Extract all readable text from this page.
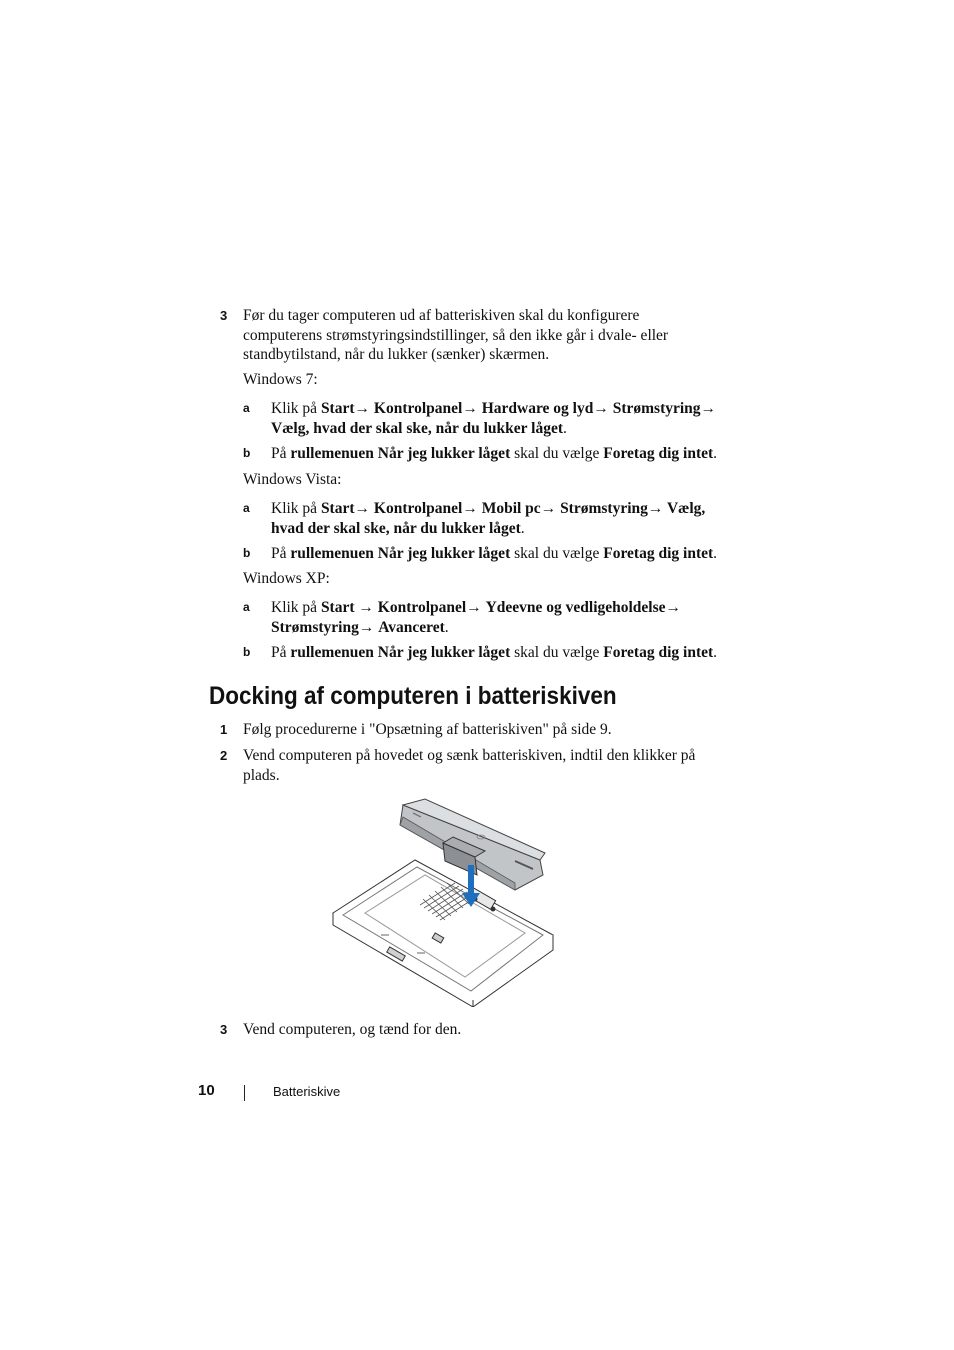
3 Før du tager computeren ud af batteriskiven skal du konfigurere
computerens strømstyringsindstillinger, så den ikke går i dvale- eller
standbytilstand, når du lukker (sænker) skærmen.
Windows 7:
a Klik på Start→ Kontrolpanel→ Hardware og lyd→ Strømstyring→
Vælg, hvad der skal ske, når du lukker låget.
b På rullemenuen Når jeg lukker låget skal du vælge Foretag dig intet.
Windows Vista:
a Klik på Start→ Kontrolpanel→ Mobil pc→ Strømstyring→ Vælg,
hvad der skal ske, når du lukker låget.
b På rullemenuen Når jeg lukker låget skal du vælge Foretag dig intet.
Windows XP:
a Klik på Start → Kontrolpanel→ Ydeevne og vedligeholdelse→
Strømstyring→ Avanceret.
b På rullemenuen Når jeg lukker låget skal du vælge Foretag dig intet.
Docking af computeren i batteriskiven
1 Følg procedurerne i "Opsætning af batteriskiven" på side 9.
2 Vend computeren på hovedet og sænk batteriskiven, indtil den klikker på
plads.
3 Vend computeren, og tænd for den.
10	Batteriskive
